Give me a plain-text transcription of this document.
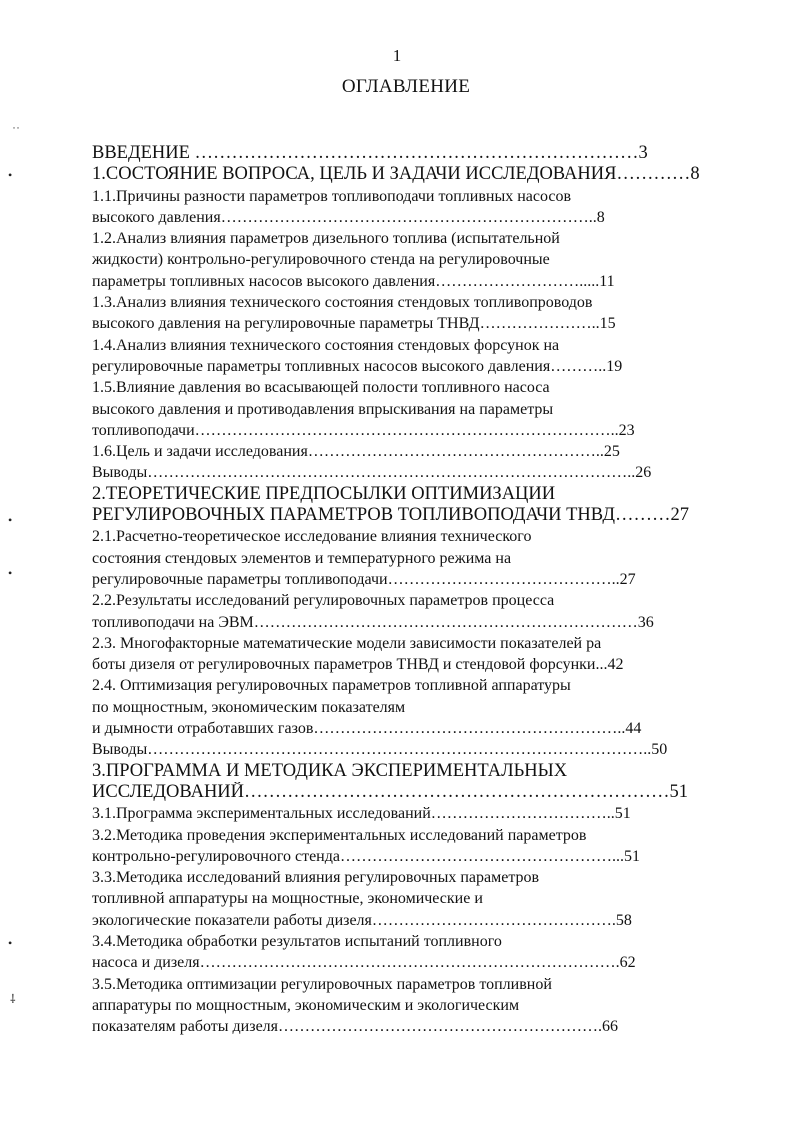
1
ОГЛАВЛЕНИЕ
˙˙
•
•
•
•
⸸
ВВЕДЕНИЕ ………………………………………………………………3
1.СОСТОЯНИЕ ВОПРОСА, ЦЕЛЬ И ЗАДАЧИ ИССЛЕДОВАНИЯ…………8
1.1.Причины разности параметров топливоподачи топливных насосов
высокого давления……………………………………………………………..8
1.2.Анализ влияния параметров дизельного топлива (испытательной
жидкости) контрольно-регулировочного стенда на регулировочные
параметры топливных насосов высокого давления……………………….....11
1.3.Анализ влияния технического состояния стендовых топливопроводов
высокого давления на регулировочные параметры ТНВД…………………..15
1.4.Анализ влияния технического состояния стендовых форсунок на
регулировочные параметры топливных насосов высокого давления………..19
1.5.Влияние давления во всасывающей полости топливного насоса
высокого давления и противодавления впрыскивания на параметры
топливоподачи……………………………………………………………………..23
1.6.Цель и задачи исследования………………………………………………..25
Выводы………………………………………………………………………………..26
2.ТЕОРЕТИЧЕСКИЕ ПРЕДПОСЫЛКИ ОПТИМИЗАЦИИ
РЕГУЛИРОВОЧНЫХ ПАРАМЕТРОВ ТОПЛИВОПОДАЧИ ТНВД………27
2.1.Расчетно-теоретическое исследование влияния технического
состояния стендовых элементов и температурного режима на
регулировочные параметры топливоподачи……………………………………..27
2.2.Результаты исследований регулировочных параметров процесса
топливоподачи на ЭВМ………………………………………………………………36
2.3. Многофакторные математические модели зависимости показателей ра
боты дизеля от регулировочных параметров ТНВД и стендовой форсунки...42
2.4. Оптимизация регулировочных параметров топливной аппаратуры
по мощностным, экономическим показателям
и дымности отработавших газов…………………………………………………..44
Выводы…………………………………………………………………………………..50
3.ПРОГРАММА И МЕТОДИКА ЭКСПЕРИМЕНТАЛЬНЫХ
ИССЛЕДОВАНИЙ……………………………………………………………51
3.1.Программа экспериментальных исследований……………………………..51
3.2.Методика проведения экспериментальных исследований параметров
контрольно-регулировочного стенда……………………………………………...51
3.3.Методика исследований влияния регулировочных параметров
топливной аппаратуры на мощностные, экономические и
экологические показатели работы дизеля……………………………………….58
3.4.Методика обработки результатов испытаний топливного
насоса и дизеля…………………………………………………………………….62
3.5.Методика оптимизации регулировочных параметров топливной
аппаратуры по мощностным, экономическим и экологическим
показателям работы дизеля…………………………………………………….66
